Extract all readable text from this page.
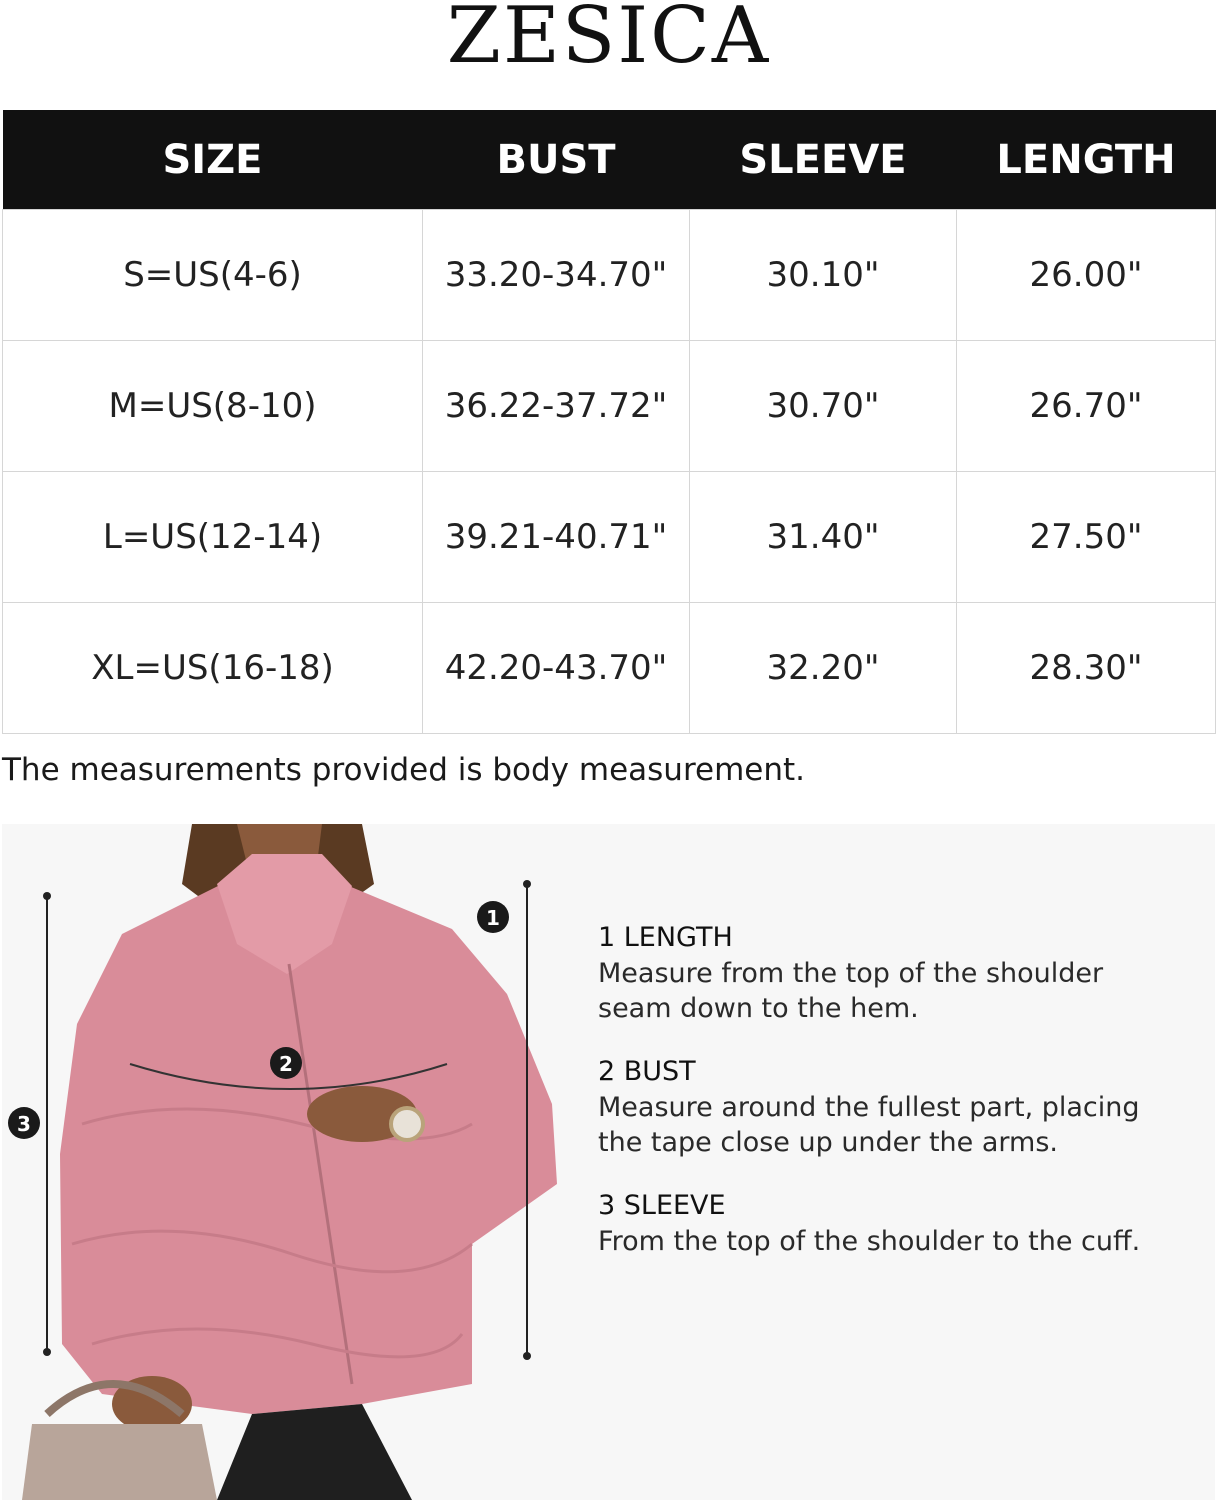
ZESICA
SIZE	BUST	SLEEVE	LENGTH
S=US(4-6)	33.20-34.70"	30.10"	26.00"
M=US(8-10)	36.22-37.72"	30.70"	26.70"
L=US(12-14)	39.21-40.71"	31.40"	27.50"
XL=US(16-18)	42.20-43.70"	32.20"	28.30"
The measurements provided is body measurement.
1
2
3
1 LENGTH
Measure from the top of the shoulder
seam down to the hem.
2 BUST
Measure around the fullest part, placing
the tape close up under the arms.
3 SLEEVE
From the top of the shoulder to the cuff.
